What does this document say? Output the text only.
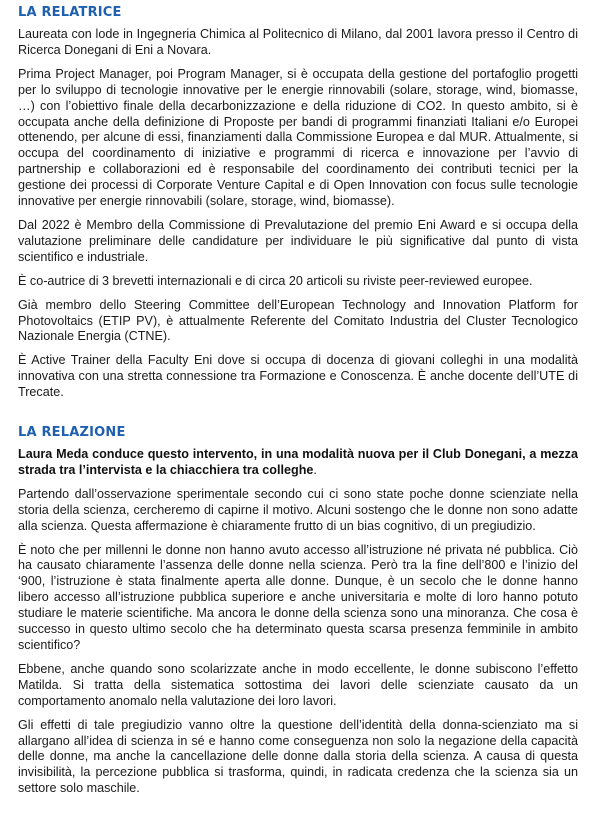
LA RELATRICE

Laureata con lode in Ingegneria Chimica al Politecnico di Milano, dal 2001 lavora presso il Centro di Ricerca Donegani di Eni a Novara.

Prima Project Manager, poi Program Manager, si è occupata della gestione del portafoglio progetti per lo sviluppo di tecnologie innovative per le energie rinnovabili (solare, storage, wind, biomasse, …) con l’obiettivo finale della decarbonizzazione e della riduzione di CO2. In questo ambito, si è occupata anche della definizione di Proposte per bandi di programmi finanziati Italiani e/o Europei ottenendo, per alcune di essi, finanziamenti dalla Commissione Europea e dal MUR. Attualmente, si occupa del coordinamento di iniziative e programmi di ricerca e innovazione per l’avvio di partnership e collaborazioni ed è responsabile del coordinamento dei contributi tecnici per la gestione dei processi di Corporate Venture Capital e di Open Innovation con focus sulle tecnologie innovative per energie rinnovabili (solare, storage, wind, biomasse).

Dal 2022 è Membro della Commissione di Prevalutazione del premio Eni Award e si occupa della valutazione preliminare delle candidature per individuare le più significative dal punto di vista scientifico e industriale.

È co-autrice di 3 brevetti internazionali e di circa 20 articoli su riviste peer-reviewed europee.

Già membro dello Steering Committee dell’European Technology and Innovation Platform for Photovoltaics (ETIP PV), è attualmente Referente del Comitato Industria del Cluster Tecnologico Nazionale Energia (CTNE).

È Active Trainer della Faculty Eni dove si occupa di docenza di giovani colleghi in una modalità innovativa con una stretta connessione tra Formazione e Conoscenza. È anche docente dell’UTE di Trecate.

LA RELAZIONE

Laura Meda conduce questo intervento, in una modalità nuova per il Club Donegani, a mezza strada tra l’intervista e la chiacchiera tra colleghe.

Partendo dall’osservazione sperimentale secondo cui ci sono state poche donne scienziate nella storia della scienza, cercheremo di capirne il motivo. Alcuni sostengo che le donne non sono adatte alla scienza. Questa affermazione è chiaramente frutto di un bias cognitivo, di un pregiudizio.

È noto che per millenni le donne non hanno avuto accesso all’istruzione né privata né pubblica. Ciò ha causato chiaramente l’assenza delle donne nella scienza. Però tra la fine dell’800 e l’inizio del ‘900, l’istruzione è stata finalmente aperta alle donne. Dunque, è un secolo che le donne hanno libero accesso all’istruzione pubblica superiore e anche universitaria e molte di loro hanno potuto studiare le materie scientifiche. Ma ancora le donne della scienza sono una minoranza. Che cosa è successo in questo ultimo secolo che ha determinato questa scarsa presenza femminile in ambito scientifico?

Ebbene, anche quando sono scolarizzate anche in modo eccellente, le donne subiscono l’effetto Matilda. Si tratta della sistematica sottostima dei lavori delle scienziate causato da un comportamento anomalo nella valutazione dei loro lavori.

Gli effetti di tale pregiudizio vanno oltre la questione dell’identità della donna-scienziato ma si allargano all’idea di scienza in sé e hanno come conseguenza non solo la negazione della capacità delle donne, ma anche la cancellazione delle donne dalla storia della scienza. A causa di questa invisibilità, la percezione pubblica si trasforma, quindi, in radicata credenza che la scienza sia un settore solo maschile.
